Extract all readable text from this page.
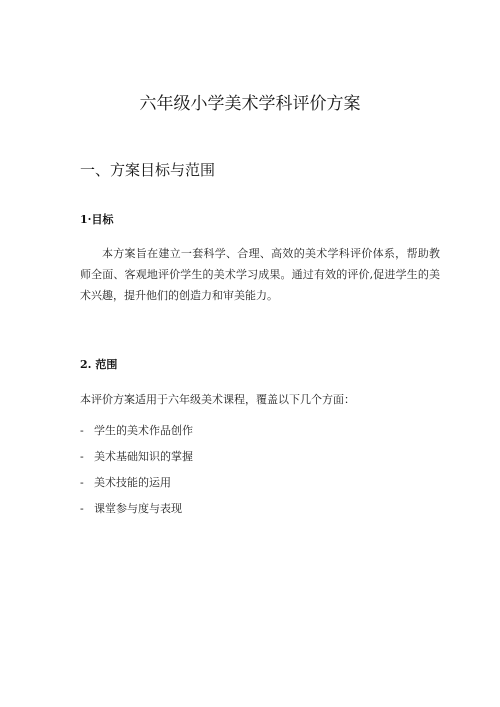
六年级小学美术学科评价方案
一、方案目标与范围
1·目标

本方案旨在建立一套科学、合理、高效的美术学科评价体系，帮助教师全面、客观地评价学生的美术学习成果。通过有效的评价,促进学生的美术兴趣，提升他们的创造力和审美能力。

2. 范围

本评价方案适用于六年级美术课程，覆盖以下几个方面：

- 学生的美术作品创作
- 美术基础知识的掌握
- 美术技能的运用
- 课堂参与度与表现
